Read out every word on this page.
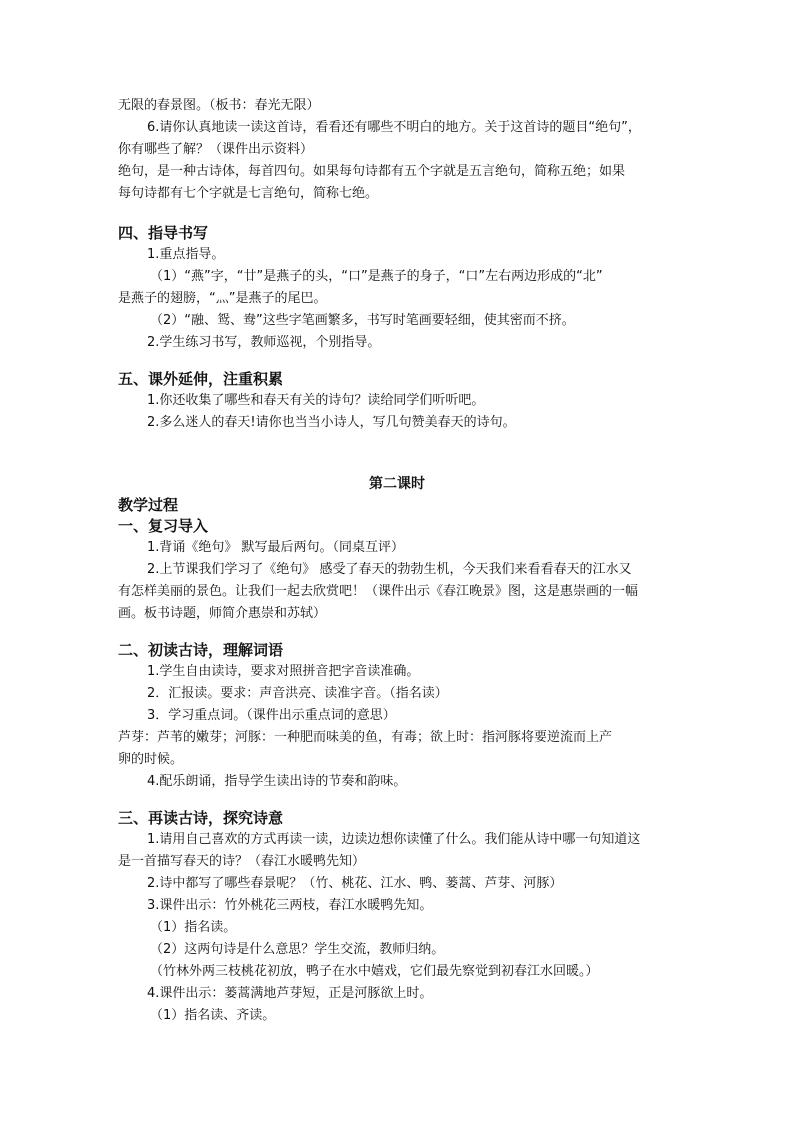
无限的春景图。（板书：春光无限）
6.请你认真地读一读这首诗，看看还有哪些不明白的地方。关于这首诗的题目“绝句”，
你有哪些了解？（课件出示资料）
绝句，是一种古诗体，每首四句。如果每句诗都有五个字就是五言绝句，简称五绝；如果
每句诗都有七个字就是七言绝句，简称七绝。
四、指导书写
1.重点指导。
（1）“燕”字，“廿”是燕子的头，“口”是燕子的身子，“口”左右两边形成的“北”
是燕子的翅膀，“灬”是燕子的尾巴。
（2）“融、鸳、鸯”这些字笔画繁多，书写时笔画要轻细，使其密而不挤。
2.学生练习书写，教师巡视，个别指导。
五、课外延伸，注重积累
1.你还收集了哪些和春天有关的诗句？读给同学们听听吧。
2.多么迷人的春天!请你也当当小诗人，写几句赞美春天的诗句。
第二课时
教学过程
一、复习导入
1.背诵《绝句》 默写最后两句。（同桌互评）
2.上节课我们学习了《绝句》 感受了春天的勃勃生机，今天我们来看看春天的江水又
有怎样美丽的景色。让我们一起去欣赏吧！（课件出示《春江晚景》图，这是惠崇画的一幅
画。板书诗题，师简介惠崇和苏轼）
二、初读古诗，理解词语
1.学生自由读诗，要求对照拼音把字音读准确。
2．汇报读。要求：声音洪亮、读准字音。（指名读）
3．学习重点词。（课件出示重点词的意思）
芦芽：芦苇的嫩芽；河豚：一种肥而味美的鱼，有毒；欲上时：指河豚将要逆流而上产
卵的时候。
4.配乐朗诵，指导学生读出诗的节奏和韵味。
三、再读古诗，探究诗意
1.请用自己喜欢的方式再读一读，边读边想你读懂了什么。我们能从诗中哪一句知道这
是一首描写春天的诗？（春江水暖鸭先知）
2.诗中都写了哪些春景呢？（竹、桃花、江水、鸭、蒌蒿、芦芽、河豚）
3.课件出示：竹外桃花三两枝，春江水暖鸭先知。
（1）指名读。
（2）这两句诗是什么意思？学生交流，教师归纳。
（竹林外两三枝桃花初放，鸭子在水中嬉戏，它们最先察觉到初春江水回暖。）
4.课件出示：蒌蒿满地芦芽短，正是河豚欲上时。
（1）指名读、齐读。
